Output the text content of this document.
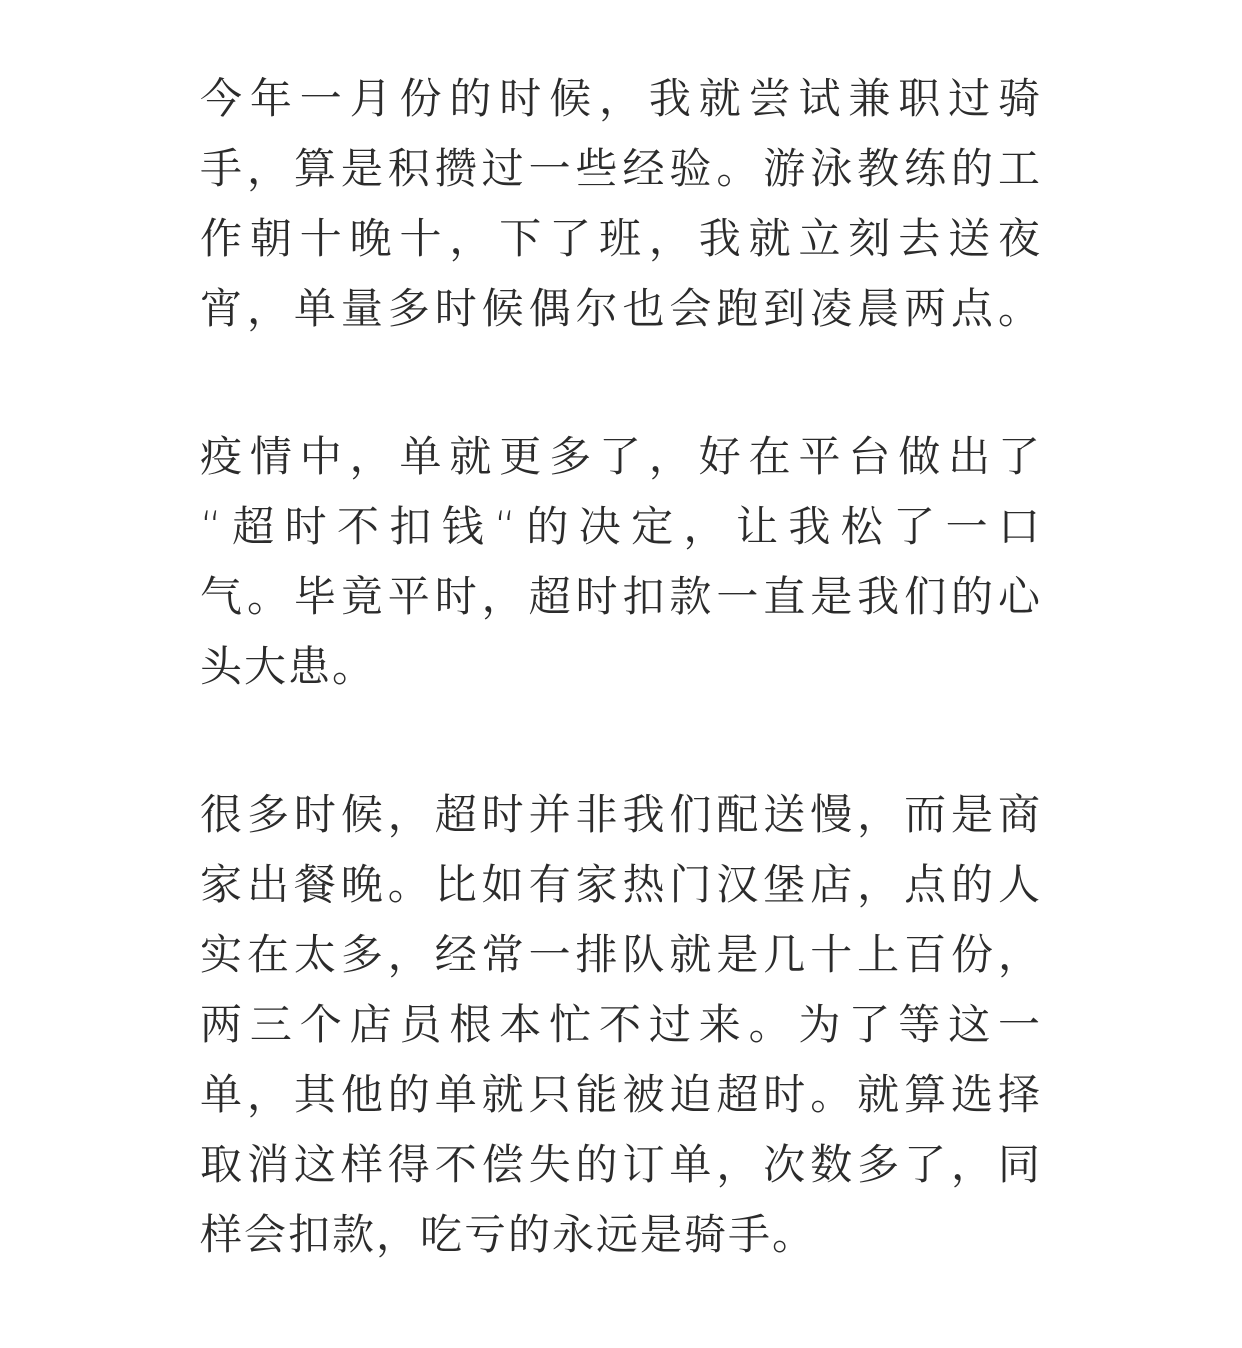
今年一月份的时候，我就尝试兼职过骑
手，算是积攒过一些经验。游泳教练的工
作朝十晚十，下了班，我就立刻去送夜
宵，单量多时候偶尔也会跑到凌晨两点。
疫情中，单就更多了，好在平台做出了
“超时不扣钱“的决定，让我松了一口
气。毕竟平时，超时扣款一直是我们的心
头大患。
很多时候，超时并非我们配送慢，而是商
家出餐晚。比如有家热门汉堡店，点的人
实在太多，经常一排队就是几十上百份，
两三个店员根本忙不过来。为了等这一
单，其他的单就只能被迫超时。就算选择
取消这样得不偿失的订单，次数多了，同
样会扣款，吃亏的永远是骑手。
